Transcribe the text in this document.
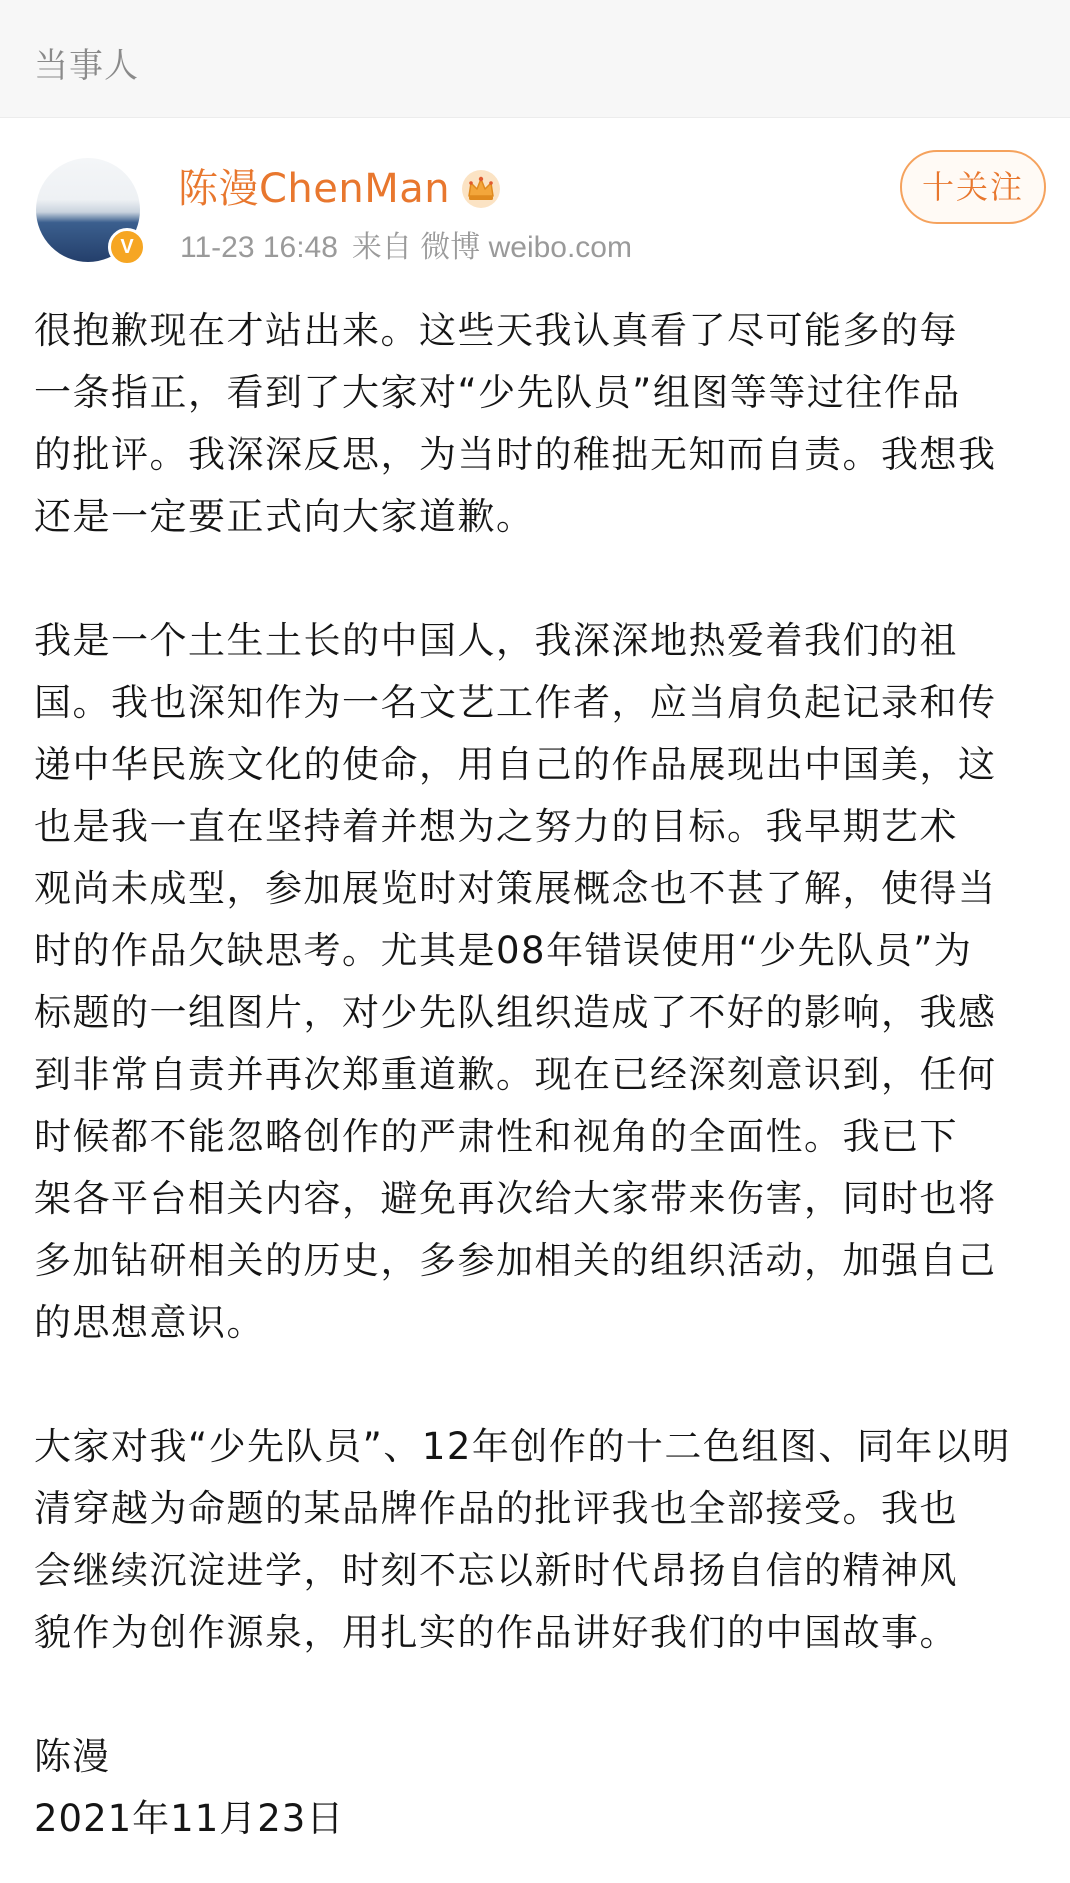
当事人
V
陈漫ChenMan
11-23 16:48 来自 微博 weibo.com
十关注

很抱歉现在才站出来。这些天我认真看了尽可能多的每
一条指正，看到了大家对“少先队员”组图等等过往作品
的批评。我深深反思，为当时的稚拙无知而自责。我想我
还是一定要正式向大家道歉。

我是一个土生土长的中国人，我深深地热爱着我们的祖
国。我也深知作为一名文艺工作者，应当肩负起记录和传
递中华民族文化的使命，用自己的作品展现出中国美，这
也是我一直在坚持着并想为之努力的目标。我早期艺术
观尚未成型，参加展览时对策展概念也不甚了解，使得当
时的作品欠缺思考。尤其是08年错误使用“少先队员”为
标题的一组图片，对少先队组织造成了不好的影响，我感
到非常自责并再次郑重道歉。现在已经深刻意识到，任何
时候都不能忽略创作的严肃性和视角的全面性。我已下
架各平台相关内容，避免再次给大家带来伤害，同时也将
多加钻研相关的历史，多参加相关的组织活动，加强自己
的思想意识。

大家对我“少先队员”、12年创作的十二色组图、同年以明
清穿越为命题的某品牌作品的批评我也全部接受。我也
会继续沉淀进学，时刻不忘以新时代昂扬自信的精神风
貌作为创作源泉，用扎实的作品讲好我们的中国故事。

陈漫

2021年11月23日
